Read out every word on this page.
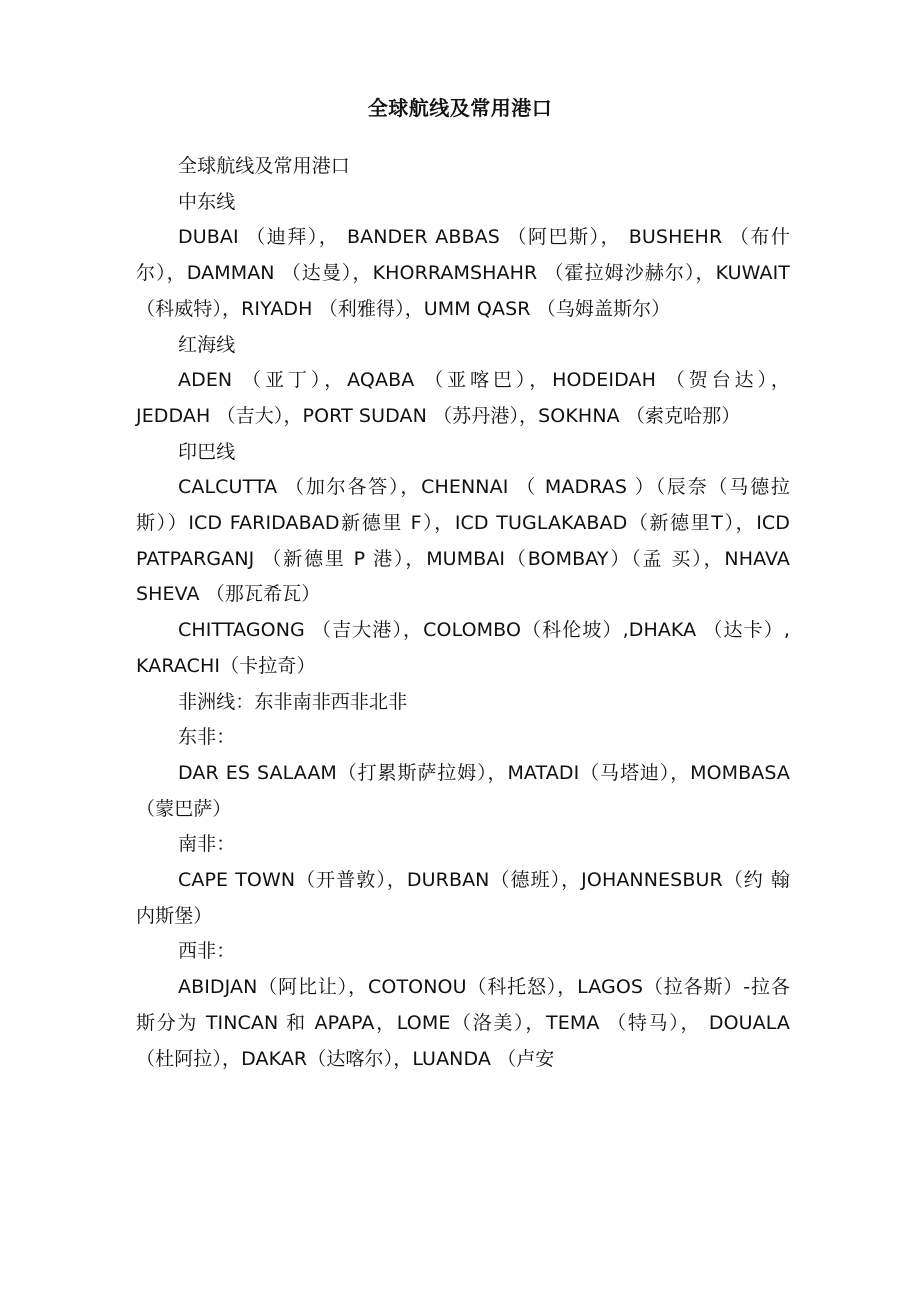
全球航线及常用港口

全球航线及常用港口

中东线

DUBAI （迪拜）， BANDER ABBAS （阿巴斯）， BUSHEHR （布什尔），DAMMAN （达曼），KHORRAMSHAHR （霍拉姆沙赫尔），KUWAIT （科威特），RIYADH （利雅得），UMM QASR （乌姆盖斯尔）

红海线

ADEN （亚丁），AQABA （亚喀巴），HODEIDAH （贺台达），JEDDAH （吉大），PORT SUDAN （苏丹港），SOKHNA （索克哈那）

印巴线

CALCUTTA （加尔各答），CHENNAI （ MADRAS ）（辰奈（马德拉斯））ICD FARIDABAD新德里 F），ICD TUGLAKABAD（新德里T），ICD PATPARGANJ （新德里 P 港），MUMBAI（BOMBAY）（孟 买），NHAVA SHEVA （那瓦希瓦）

CHITTAGONG （吉大港），COLOMBO（科伦坡）,DHAKA （达卡）, KARACHI（卡拉奇）

非洲线：东非南非西非北非

东非：

DAR ES SALAAM（打累斯萨拉姆），MATADI（马塔迪），MOMBASA（蒙巴萨）

南非：

CAPE TOWN（开普敦），DURBAN（德班），JOHANNESBUR（约 翰内斯堡）

西非：

ABIDJAN（阿比让），COTONOU（科托怒），LAGOS（拉各斯）-拉各 斯分为 TINCAN 和 APAPA，LOME（洛美），TEMA （特马）， DOUALA （杜阿拉），DAKAR（达喀尔），LUANDA （卢安
